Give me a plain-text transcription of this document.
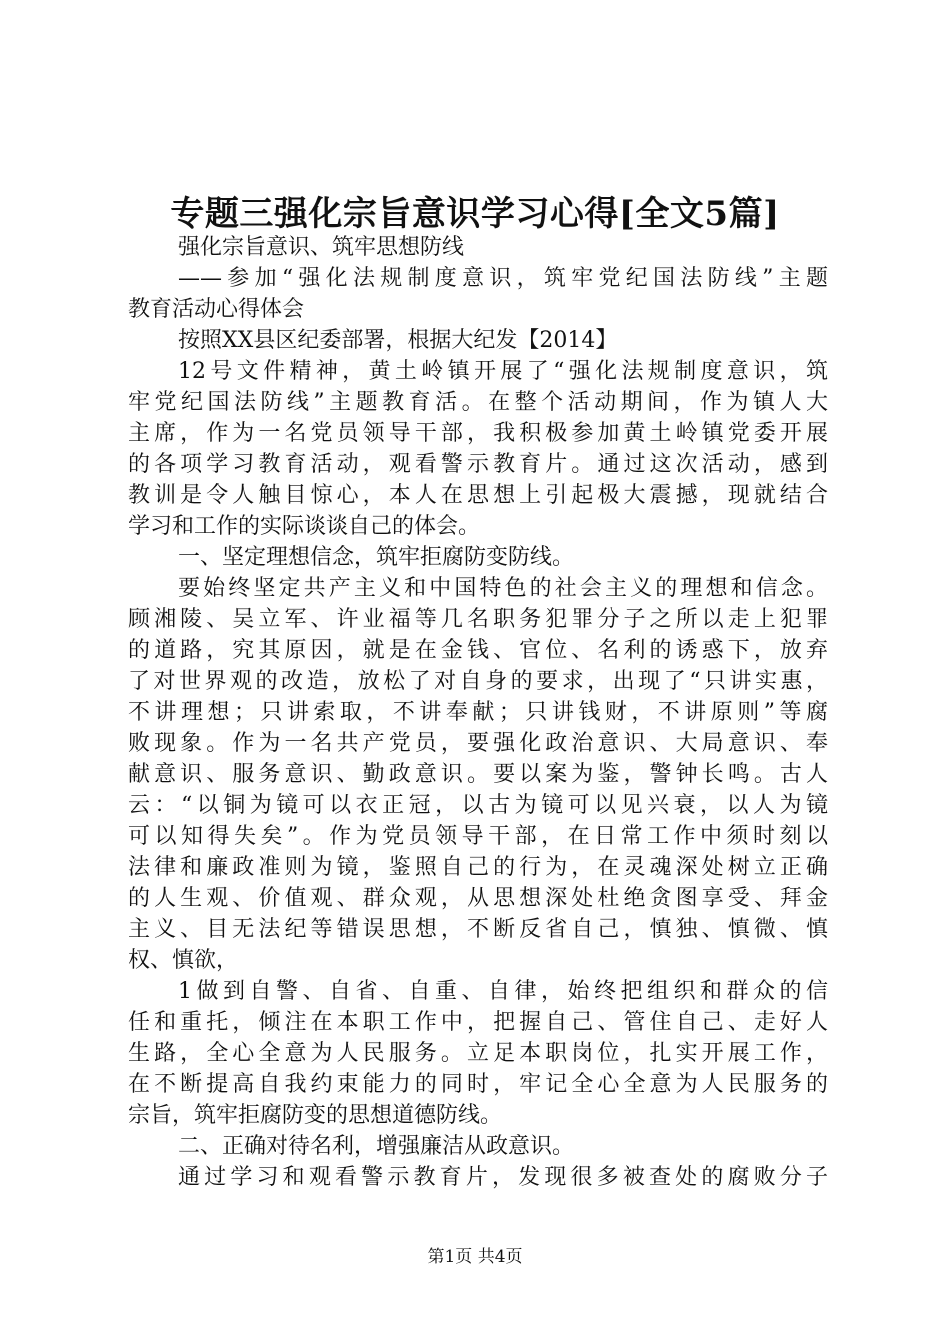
专题三强化宗旨意识学习心得[全文5篇]
强化宗旨意识、筑牢思想防线
——参加“强化法规制度意识，筑牢党纪国法防线”主题
教育活动心得体会
按照XX县区纪委部署，根据大纪发【2014】
12号文件精神，黄土岭镇开展了“强化法规制度意识，筑
牢党纪国法防线”主题教育活。在整个活动期间，作为镇人大
主席，作为一名党员领导干部，我积极参加黄土岭镇党委开展
的各项学习教育活动，观看警示教育片。通过这次活动，感到
教训是令人触目惊心，本人在思想上引起极大震撼，现就结合
学习和工作的实际谈谈自己的体会。
一、坚定理想信念，筑牢拒腐防变防线。
要始终坚定共产主义和中国特色的社会主义的理想和信念。
顾湘陵、吴立军、许业福等几名职务犯罪分子之所以走上犯罪
的道路，究其原因，就是在金钱、官位、名利的诱惑下，放弃
了对世界观的改造，放松了对自身的要求，出现了“只讲实惠，
不讲理想；只讲索取，不讲奉献；只讲钱财，不讲原则”等腐
败现象。作为一名共产党员，要强化政治意识、大局意识、奉
献意识、服务意识、勤政意识。要以案为鉴，警钟长鸣。古人
云：“以铜为镜可以衣正冠，以古为镜可以见兴衰，以人为镜
可以知得失矣”。作为党员领导干部，在日常工作中须时刻以
法律和廉政准则为镜，鉴照自己的行为，在灵魂深处树立正确
的人生观、价值观、群众观，从思想深处杜绝贪图享受、拜金
主义、目无法纪等错误思想，不断反省自己，慎独、慎微、慎
权、慎欲，
1做到自警、自省、自重、自律，始终把组织和群众的信
任和重托，倾注在本职工作中，把握自己、管住自己、走好人
生路，全心全意为人民服务。立足本职岗位，扎实开展工作，
在不断提高自我约束能力的同时，牢记全心全意为人民服务的
宗旨，筑牢拒腐防变的思想道德防线。
二、正确对待名利，增强廉洁从政意识。
通过学习和观看警示教育片，发现很多被查处的腐败分子
第1页 共4页
